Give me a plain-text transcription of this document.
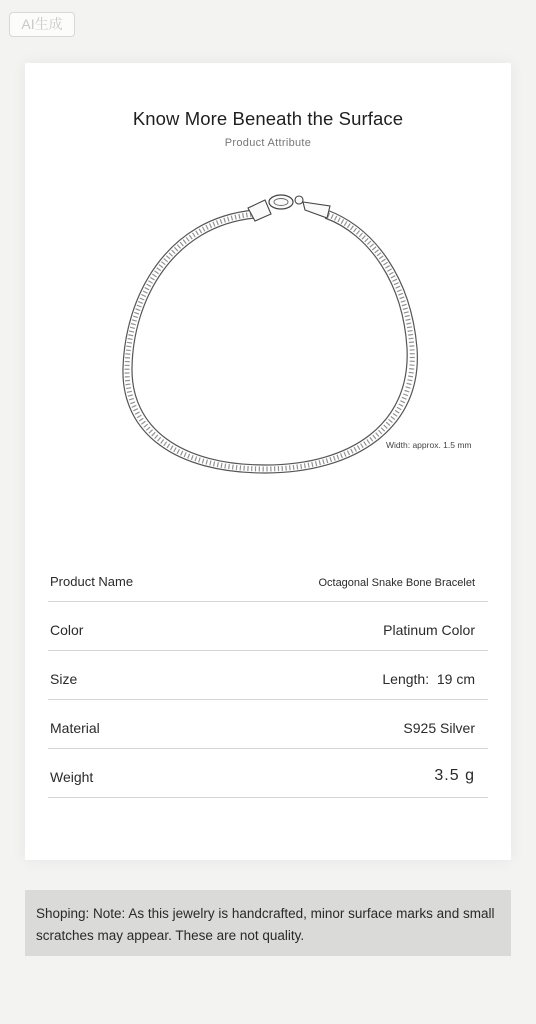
AI生成
Know More Beneath the Surface
Product Attribute
Width: approx. 1.5 mm
Product Name	Octagonal Snake Bone Bracelet
Color	Platinum Color
Size	Length:  19 cm
Material	S925 Silver
Weight	3.5 g
Shoping: Note: As this jewelry is handcrafted, minor surface marks and small scratches may appear. These are not quality.
